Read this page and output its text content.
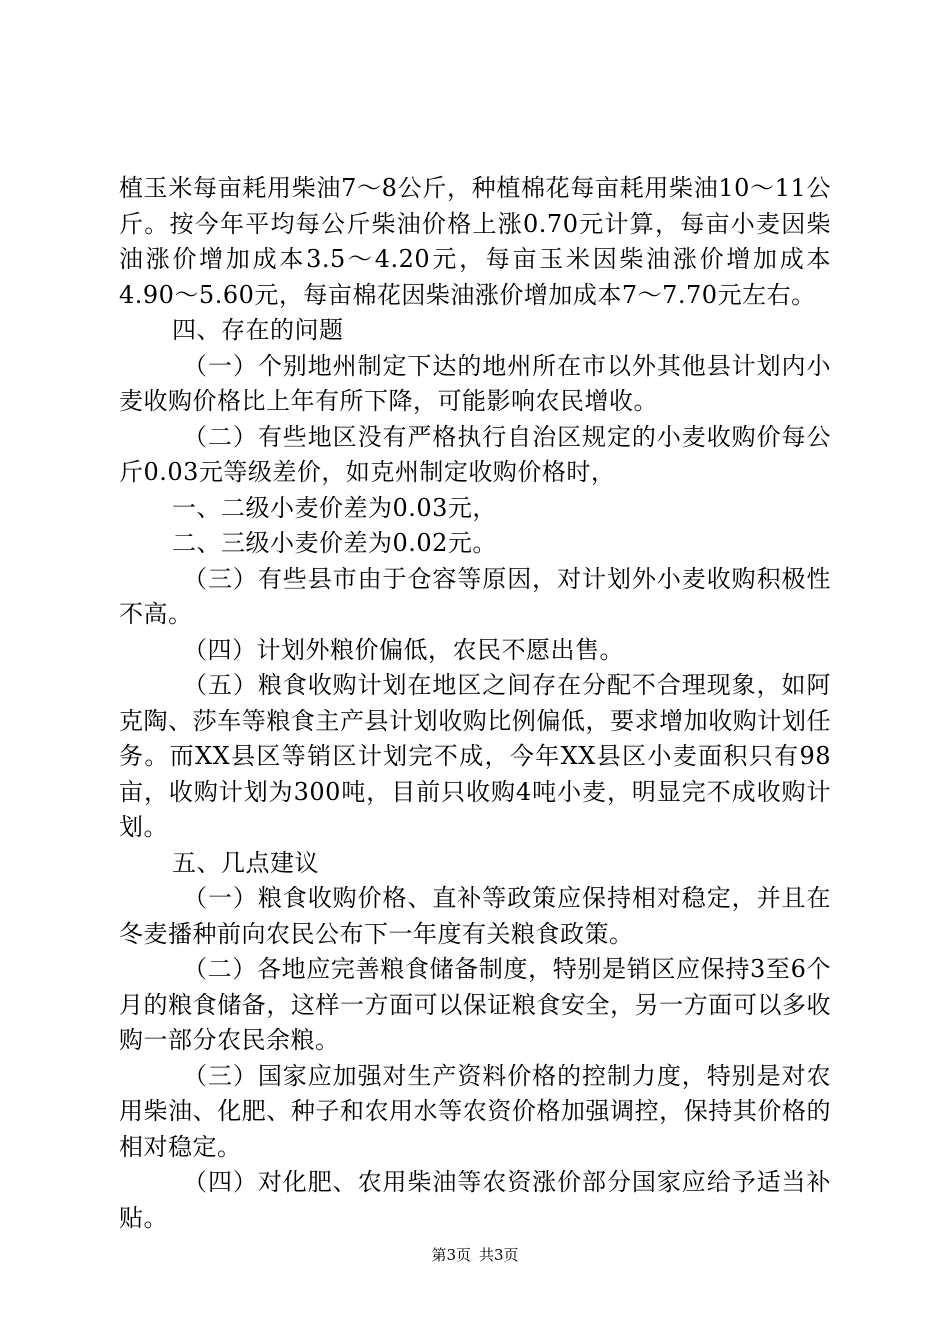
植玉米每亩耗用柴油7～8公斤，种植棉花每亩耗用柴油10～11公斤。按今年平均每公斤柴油价格上涨0.70元计算，每亩小麦因柴油涨价增加成本3.5～4.20元，每亩玉米因柴油涨价增加成本4.90～5.60元，每亩棉花因柴油涨价增加成本7～7.70元左右。

四、存在的问题

（一）个别地州制定下达的地州所在市以外其他县计划内小麦收购价格比上年有所下降，可能影响农民增收。

（二）有些地区没有严格执行自治区规定的小麦收购价每公斤0.03元等级差价，如克州制定收购价格时，

一、二级小麦价差为0.03元，

二、三级小麦价差为0.02元。

（三）有些县市由于仓容等原因，对计划外小麦收购积极性不高。

（四）计划外粮价偏低，农民不愿出售。

（五）粮食收购计划在地区之间存在分配不合理现象，如阿克陶、莎车等粮食主产县计划收购比例偏低，要求增加收购计划任务。而XX县区等销区计划完不成，今年XX县区小麦面积只有98亩，收购计划为300吨，目前只收购4吨小麦，明显完不成收购计划。

五、几点建议

（一）粮食收购价格、直补等政策应保持相对稳定，并且在冬麦播种前向农民公布下一年度有关粮食政策。

（二）各地应完善粮食储备制度，特别是销区应保持3至6个月的粮食储备，这样一方面可以保证粮食安全，另一方面可以多收购一部分农民余粮。

（三）国家应加强对生产资料价格的控制力度，特别是对农用柴油、化肥、种子和农用水等农资价格加强调控，保持其价格的相对稳定。

（四）对化肥、农用柴油等农资涨价部分国家应给予适当补贴。

第3页 共3页
